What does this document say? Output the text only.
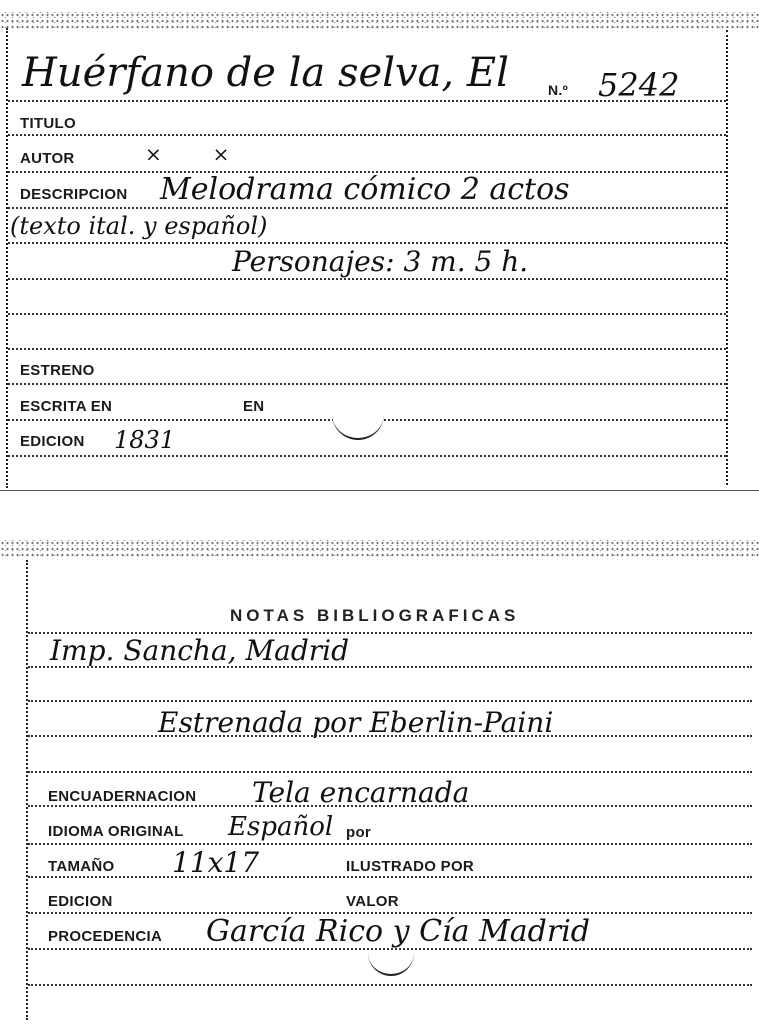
Huérfano de la selva, El	N.º 5242
TITULO
AUTOR	×        ×
DESCRIPCION Melodrama cómico 2 actos
(texto ital. y español)
Personajes: 3 m. 5 h.
ESTRENO
ESCRITA EN	EN
EDICION 1831
NOTAS BIBLIOGRAFICAS
Imp. Sancha, Madrid
Estrenada por Eberlin-Paini
ENCUADERNACION Tela encarnada
IDIOMA ORIGINAL Español por
TAMAÑO 11x17	ILUSTRADO POR
EDICION	VALOR
PROCEDENCIA García Rico y Cía Madrid
